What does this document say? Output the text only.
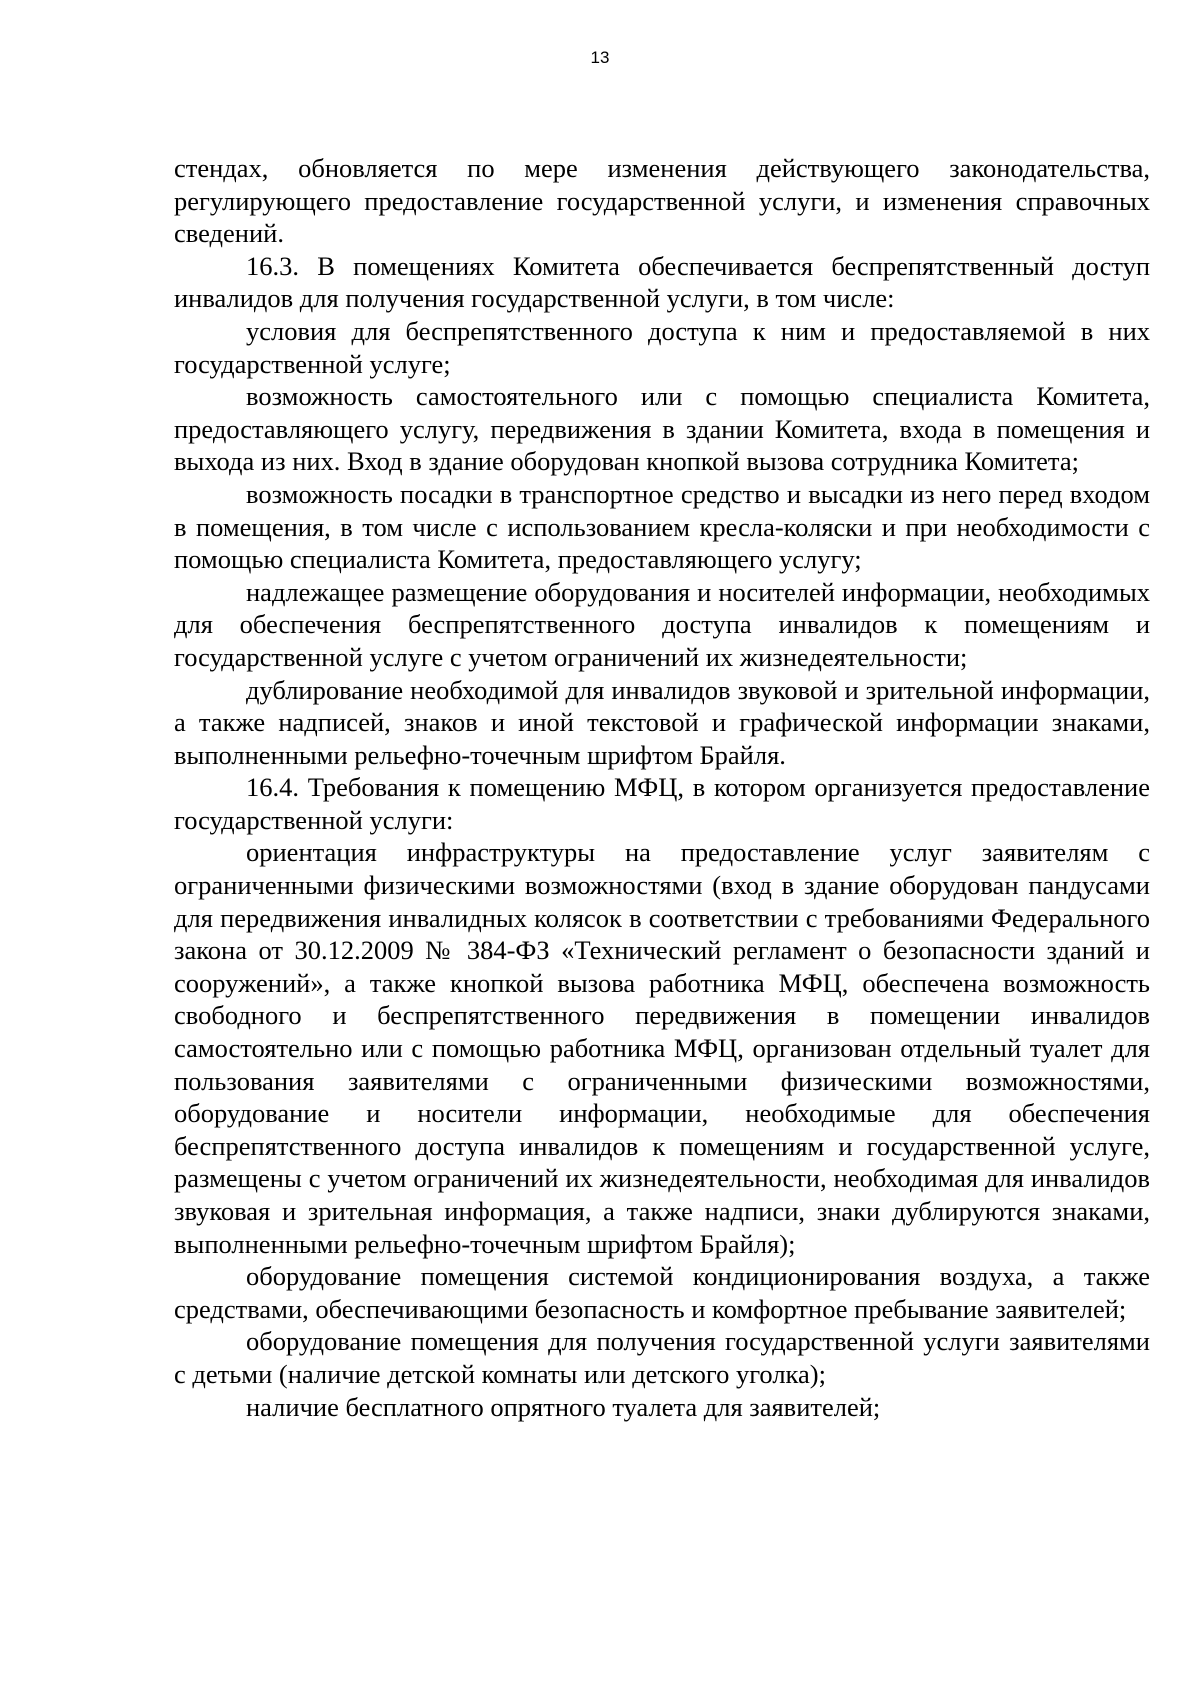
13

стендах, обновляется по мере изменения действующего законодательства, регулирующего предоставление государственной услуги, и изменения справочных сведений.

16.3. В помещениях Комитета обеспечивается беспрепятственный доступ инвалидов для получения государственной услуги, в том числе:

условия для беспрепятственного доступа к ним и предоставляемой в них государственной услуге;

возможность самостоятельного или с помощью специалиста Комитета, предоставляющего услугу, передвижения в здании Комитета, входа в помещения и выхода из них. Вход в здание оборудован кнопкой вызова сотрудника Комитета;

возможность посадки в транспортное средство и высадки из него перед входом в помещения, в том числе с использованием кресла-коляски и при необходимости с помощью специалиста Комитета, предоставляющего услугу;

надлежащее размещение оборудования и носителей информации, необходимых для обеспечения беспрепятственного доступа инвалидов к помещениям и государственной услуге с учетом ограничений их жизнедеятельности;

дублирование необходимой для инвалидов звуковой и зрительной информации, а также надписей, знаков и иной текстовой и графической информации знаками, выполненными рельефно-точечным шрифтом Брайля.

16.4. Требования к помещению МФЦ, в котором организуется предоставление государственной услуги:

ориентация инфраструктуры на предоставление услуг заявителям с ограниченными физическими возможностями (вход в здание оборудован пандусами для передвижения инвалидных колясок в соответствии с требованиями Федерального закона от 30.12.2009 № 384-ФЗ «Технический регламент о безопасности зданий и сооружений», а также кнопкой вызова работника МФЦ, обеспечена возможность свободного и беспрепятственного передвижения в помещении инвалидов самостоятельно или с помощью работника МФЦ, организован отдельный туалет для пользования заявителями с ограниченными физическими возможностями, оборудование и носители информации, необходимые для обеспечения беспрепятственного доступа инвалидов к помещениям и государственной услуге, размещены с учетом ограничений их жизнедеятельности, необходимая для инвалидов звуковая и зрительная информация, а также надписи, знаки дублируются знаками, выполненными рельефно-точечным шрифтом Брайля);

оборудование помещения системой кондиционирования воздуха, а также средствами, обеспечивающими безопасность и комфортное пребывание заявителей;

оборудование помещения для получения государственной услуги заявителями с детьми (наличие детской комнаты или детского уголка);

наличие бесплатного опрятного туалета для заявителей;
